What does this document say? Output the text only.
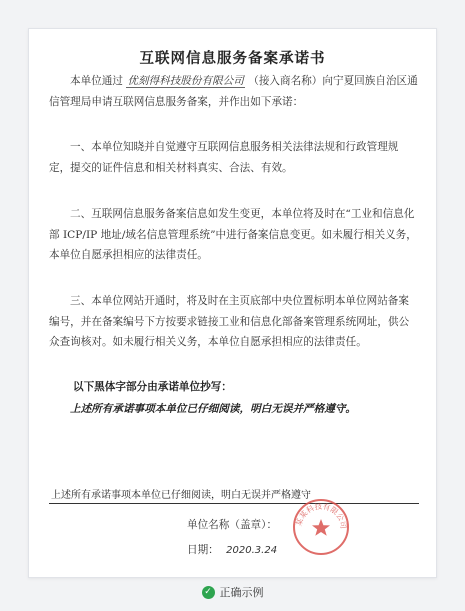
互联网信息服务备案承诺书

本单位通过 优刻得科技股份有限公司 （接入商名称）向宁夏回族自治区通信管理局申请互联网信息服务备案，并作出如下承诺：

一、本单位知晓并自觉遵守互联网信息服务相关法律法规和行政管理规定，提交的证件信息和相关材料真实、合法、有效。

二、互联网信息服务备案信息如发生变更，本单位将及时在“工业和信息化部 ICP/IP 地址/域名信息管理系统”中进行备案信息变更。如未履行相关义务，本单位自愿承担相应的法律责任。

三、本单位网站开通时，将及时在主页底部中央位置标明本单位网站备案编号，并在备案编号下方按要求链接工业和信息化部备案管理系统网址，供公众查询核对。如未履行相关义务，本单位自愿承担相应的法律责任。

以下黑体字部分由承诺单位抄写：

上述所有承诺事项本单位已仔细阅读，明白无误并严格遵守。

上述所有承诺事项本单位已仔细阅读，明白无误并严格遵守
单位名称（盖章）： 某某科技有限公司
日期： 2020.3.24
✓ 正确示例
